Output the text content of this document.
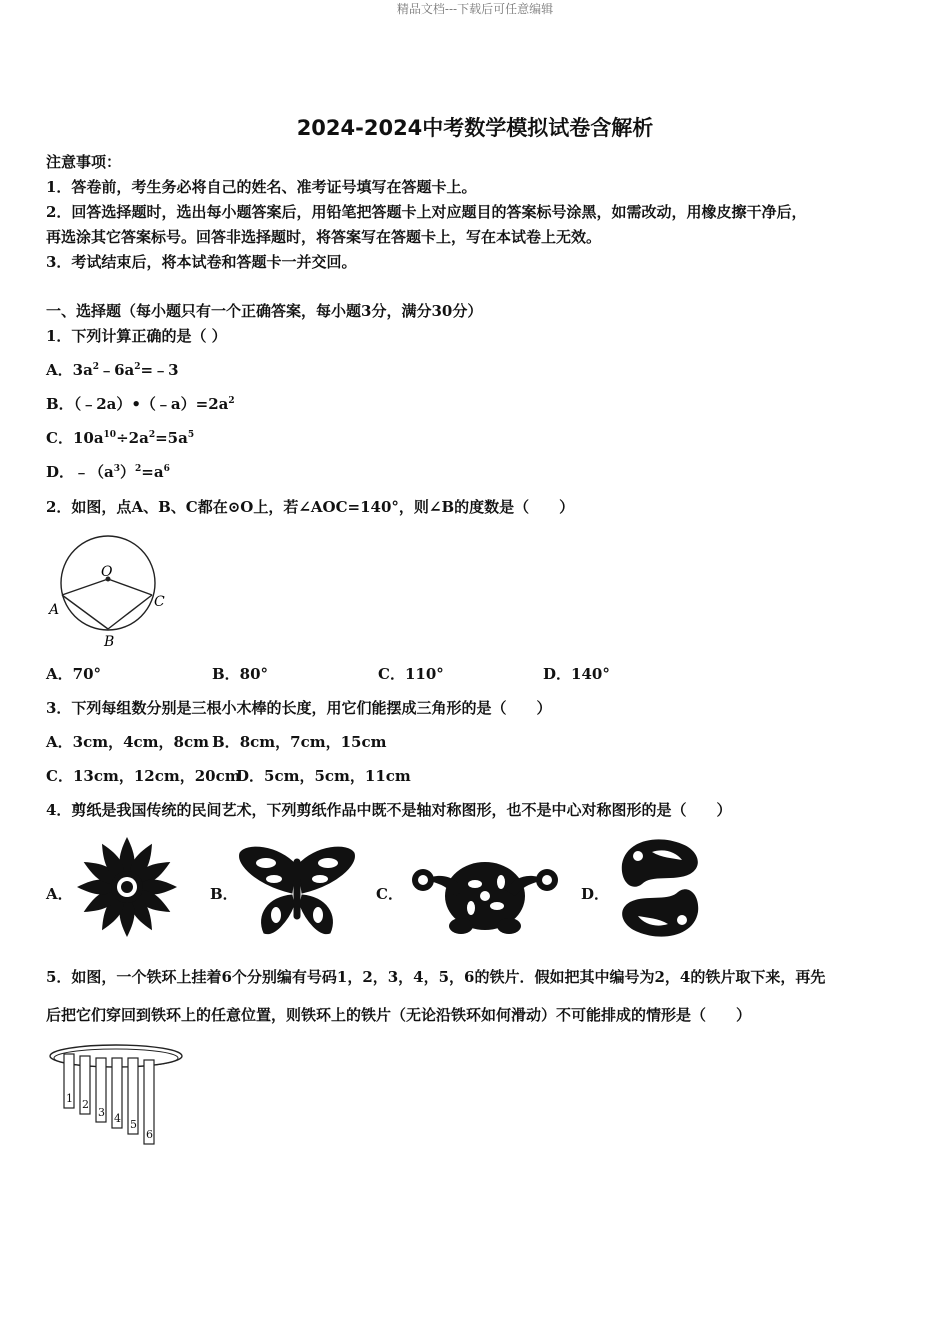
精品文档---下载后可任意编辑
2024-2024中考数学模拟试卷含解析
注意事项：
1．答卷前，考生务必将自己的姓名、准考证号填写在答题卡上。
2．回答选择题时，选出每小题答案后，用铅笔把答题卡上对应题目的答案标号涂黑，如需改动，用橡皮擦干净后，
再选涂其它答案标号。回答非选择题时，将答案写在答题卡上，写在本试卷上无效。
3．考试结束后，将本试卷和答题卡一并交回。
一、选择题（每小题只有一个正确答案，每小题3分，满分30分）
1．下列计算正确的是（ ）
A．$3a^2﹣6a^2=﹣3$
B．$(﹣2a)•(﹣a)=2a^2$
C．$10a^{10}\div 2a^2=5a^5$
D．$﹣(a^3)^2=a^6$
2．如图，点A、B、C都在⊙O上，若∠AOC=140°，则∠B的度数是（　　）
O
A
B
C
A．70°	B．80°	C．110°	D．140°
3．下列每组数分别是三根小木棒的长度，用它们能摆成三角形的是（　　）
A．3cm，4cm，8cm B．8cm，7cm，15cm
C．13cm，12cm，20cm
D．5cm，5cm，11cm
4．剪纸是我国传统的民间艺术，下列剪纸作品中既不是轴对称图形，也不是中心对称图形的是（　　）
A．	B．	C．	D．
5．如图，一个铁环上挂着6个分别编有号码1，2，3，4，5，6的铁片．假如把其中编号为2，4的铁片取下来，再先
后把它们穿回到铁环上的任意位置，则铁环上的铁片（无论沿铁环如何滑动）不可能排成的情形是（　　）
1 2
3 4 5
6
